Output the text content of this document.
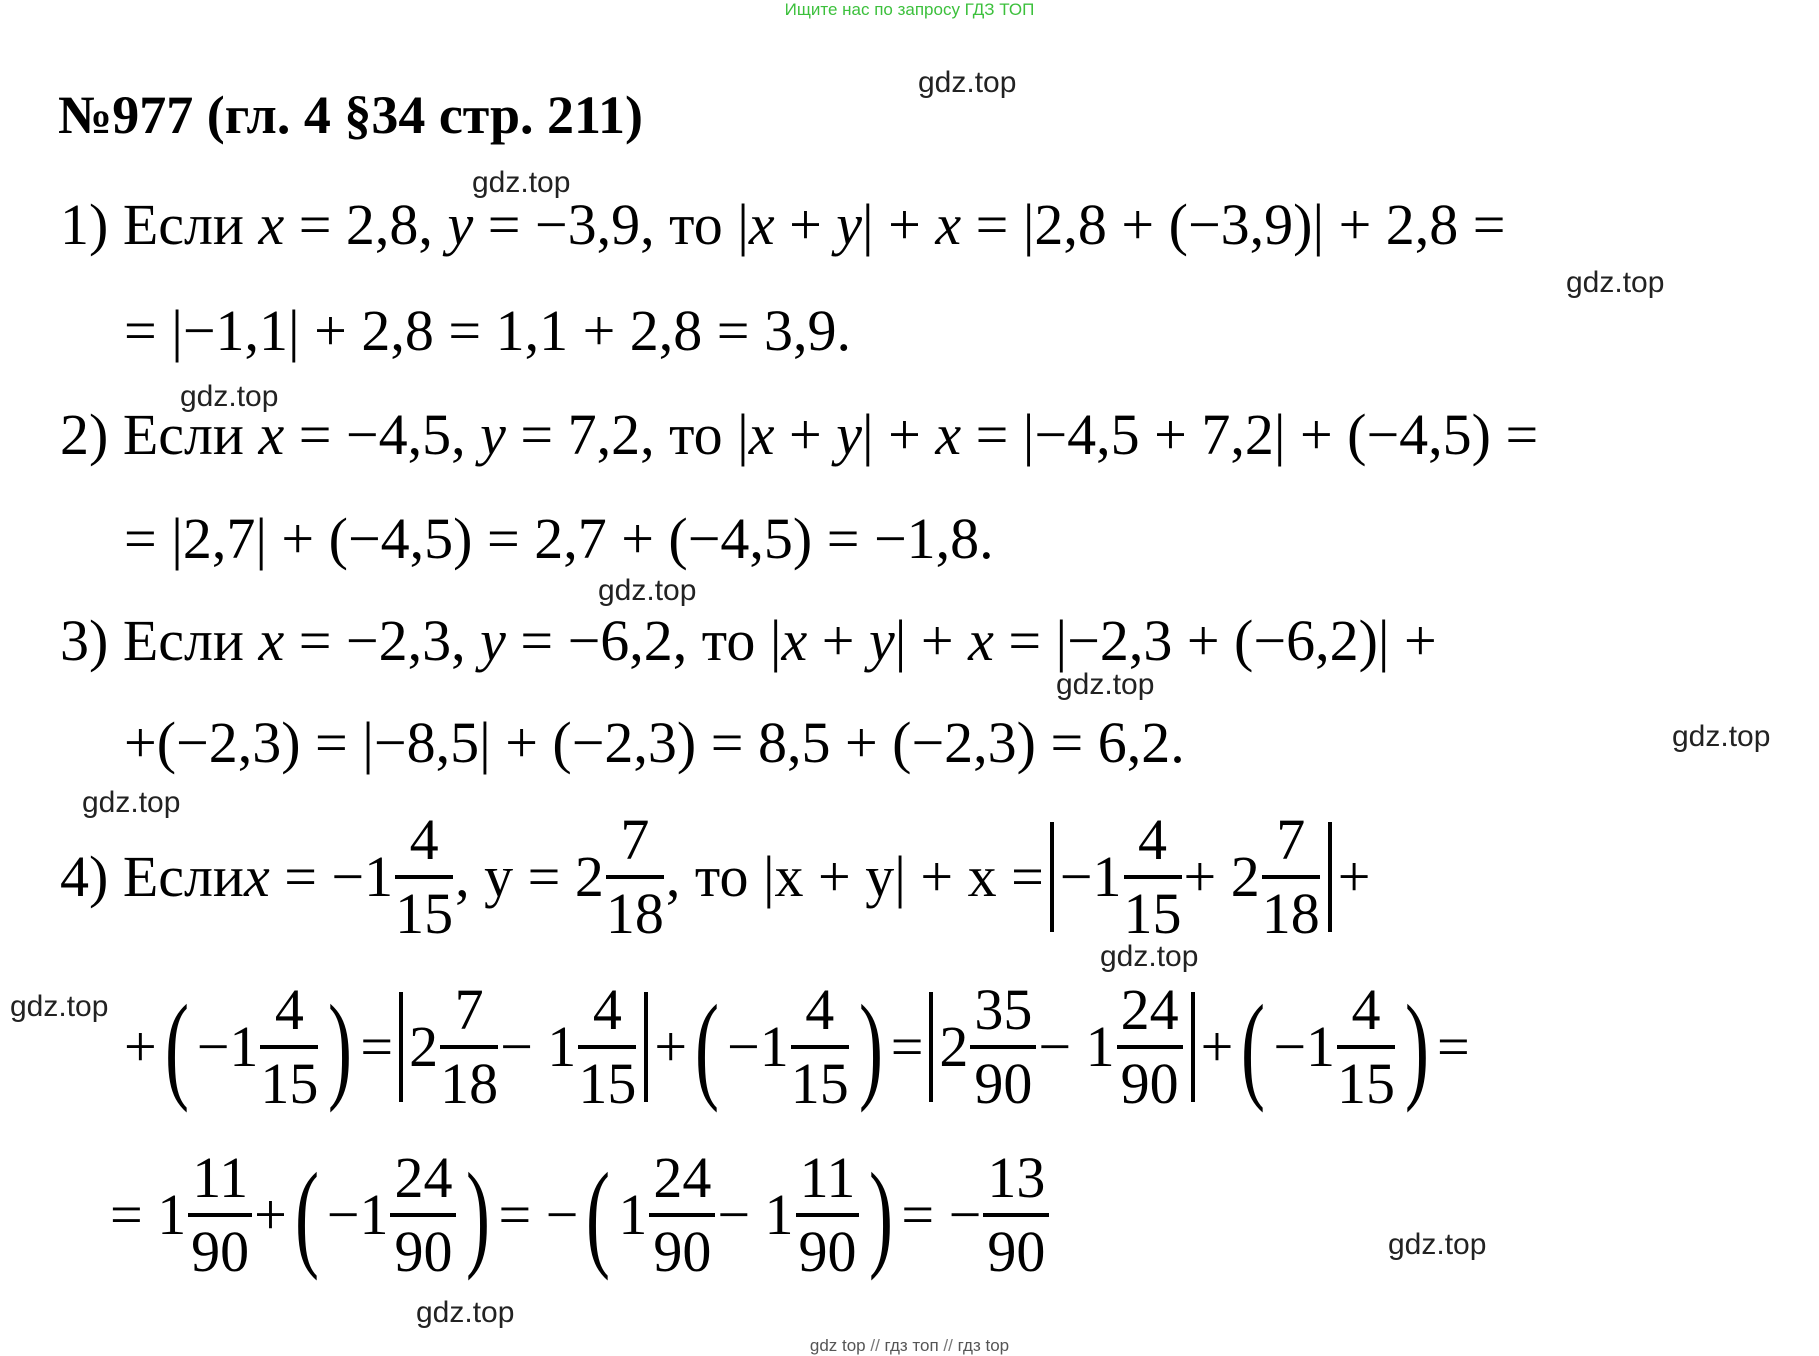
Ищите нас по запросу ГДЗ ТОП
№977 (гл. 4 §34 стр. 211)
gdz.top
gdz.top
gdz.top
gdz.top
gdz.top
gdz.top
gdz.top
gdz.top
gdz.top
gdz.top
gdz.top
gdz.top
1) Если x = 2,8, y = −3,9, то |x + y| + x = |2,8 + (−3,9)| + 2,8 =
= |−1,1| + 2,8 = 1,1 + 2,8 = 3,9.
2) Если x = −4,5, y = 7,2, то |x + y| + x = |−4,5 + 7,2| + (−4,5) =
= |2,7| + (−4,5) = 2,7 + (−4,5) = −1,8.
3) Если x = −2,3, y = −6,2, то |x + y| + x = |−2,3 + (−6,2)| +
+(−2,3) = |−8,5| + (−2,3) = 8,5 + (−2,3) = 6,2.
4) Если x
= $-1 \frac{4}{15}$ , $y = 2 \frac{7}{18}$ , то $|x + y| + x = -1 \frac{4}{15} + 2 \frac{7}{18}$ +
+ ( $-1 \frac{4}{15}$ ) = $2 \frac{7}{18} - 1 \frac{4}{15}$ + ( $-1 \frac{4}{15}$ ) = $2 \frac{35}{90} - 1 \frac{24}{90}$ + ( $-1 \frac{4}{15}$ ) =
= $1 \frac{11}{90}$ + ( $-1 \frac{24}{90}$ ) = − ( $1 \frac{24}{90} - 1 \frac{11}{90}$ ) = − $\frac{13}{90}$
gdz top // гдз топ // гдз top
